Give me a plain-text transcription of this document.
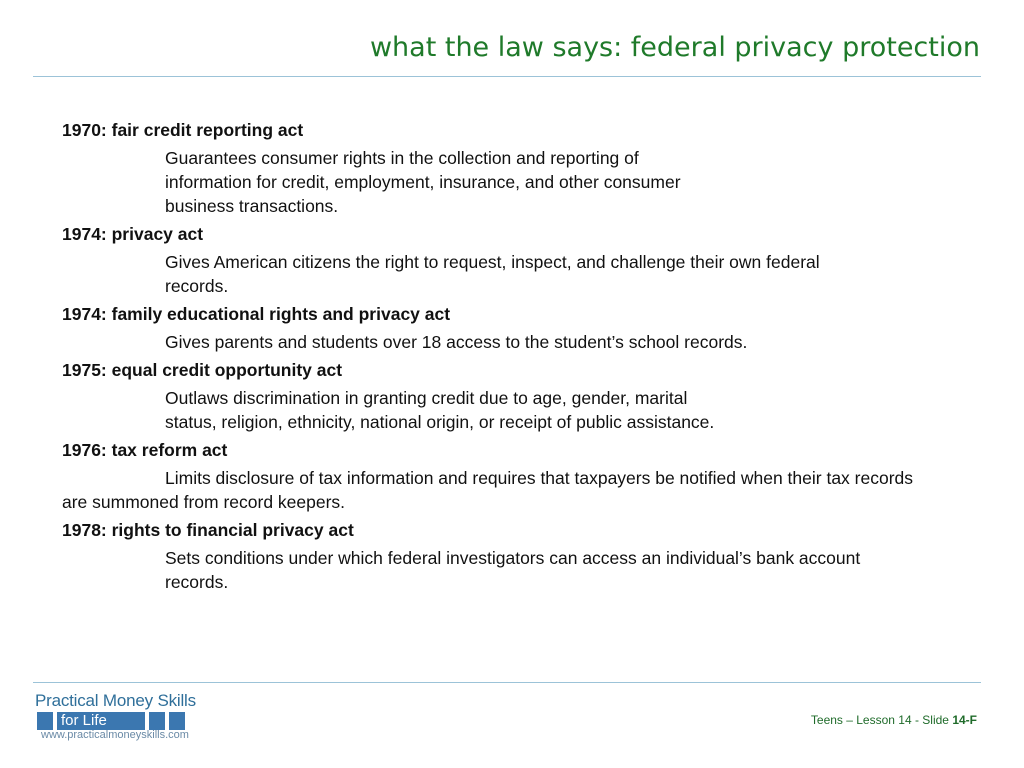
what the law says: federal privacy protection
1970: fair credit reporting act
Guarantees consumer rights in the collection and reporting of information for credit, employment, insurance, and other consumer business transactions.
1974: privacy act
Gives American citizens the right to request, inspect, and challenge their own federal records.
1974: family educational rights and privacy act
Gives parents and students over 18 access to the student’s school records.
1975: equal credit opportunity act
Outlaws discrimination in granting credit due to age, gender, marital status, religion, ethnicity, national origin, or receipt of public assistance.
1976: tax reform act
Limits disclosure of tax information and requires that taxpayers be notified when their tax records are summoned from record keepers.
1978: rights to financial privacy act
Sets conditions under which federal investigators can access an individual’s bank account records.
Practical Money Skills
for Life
www.practicalmoneyskills.com
Teens – Lesson 14 - Slide 14-F
